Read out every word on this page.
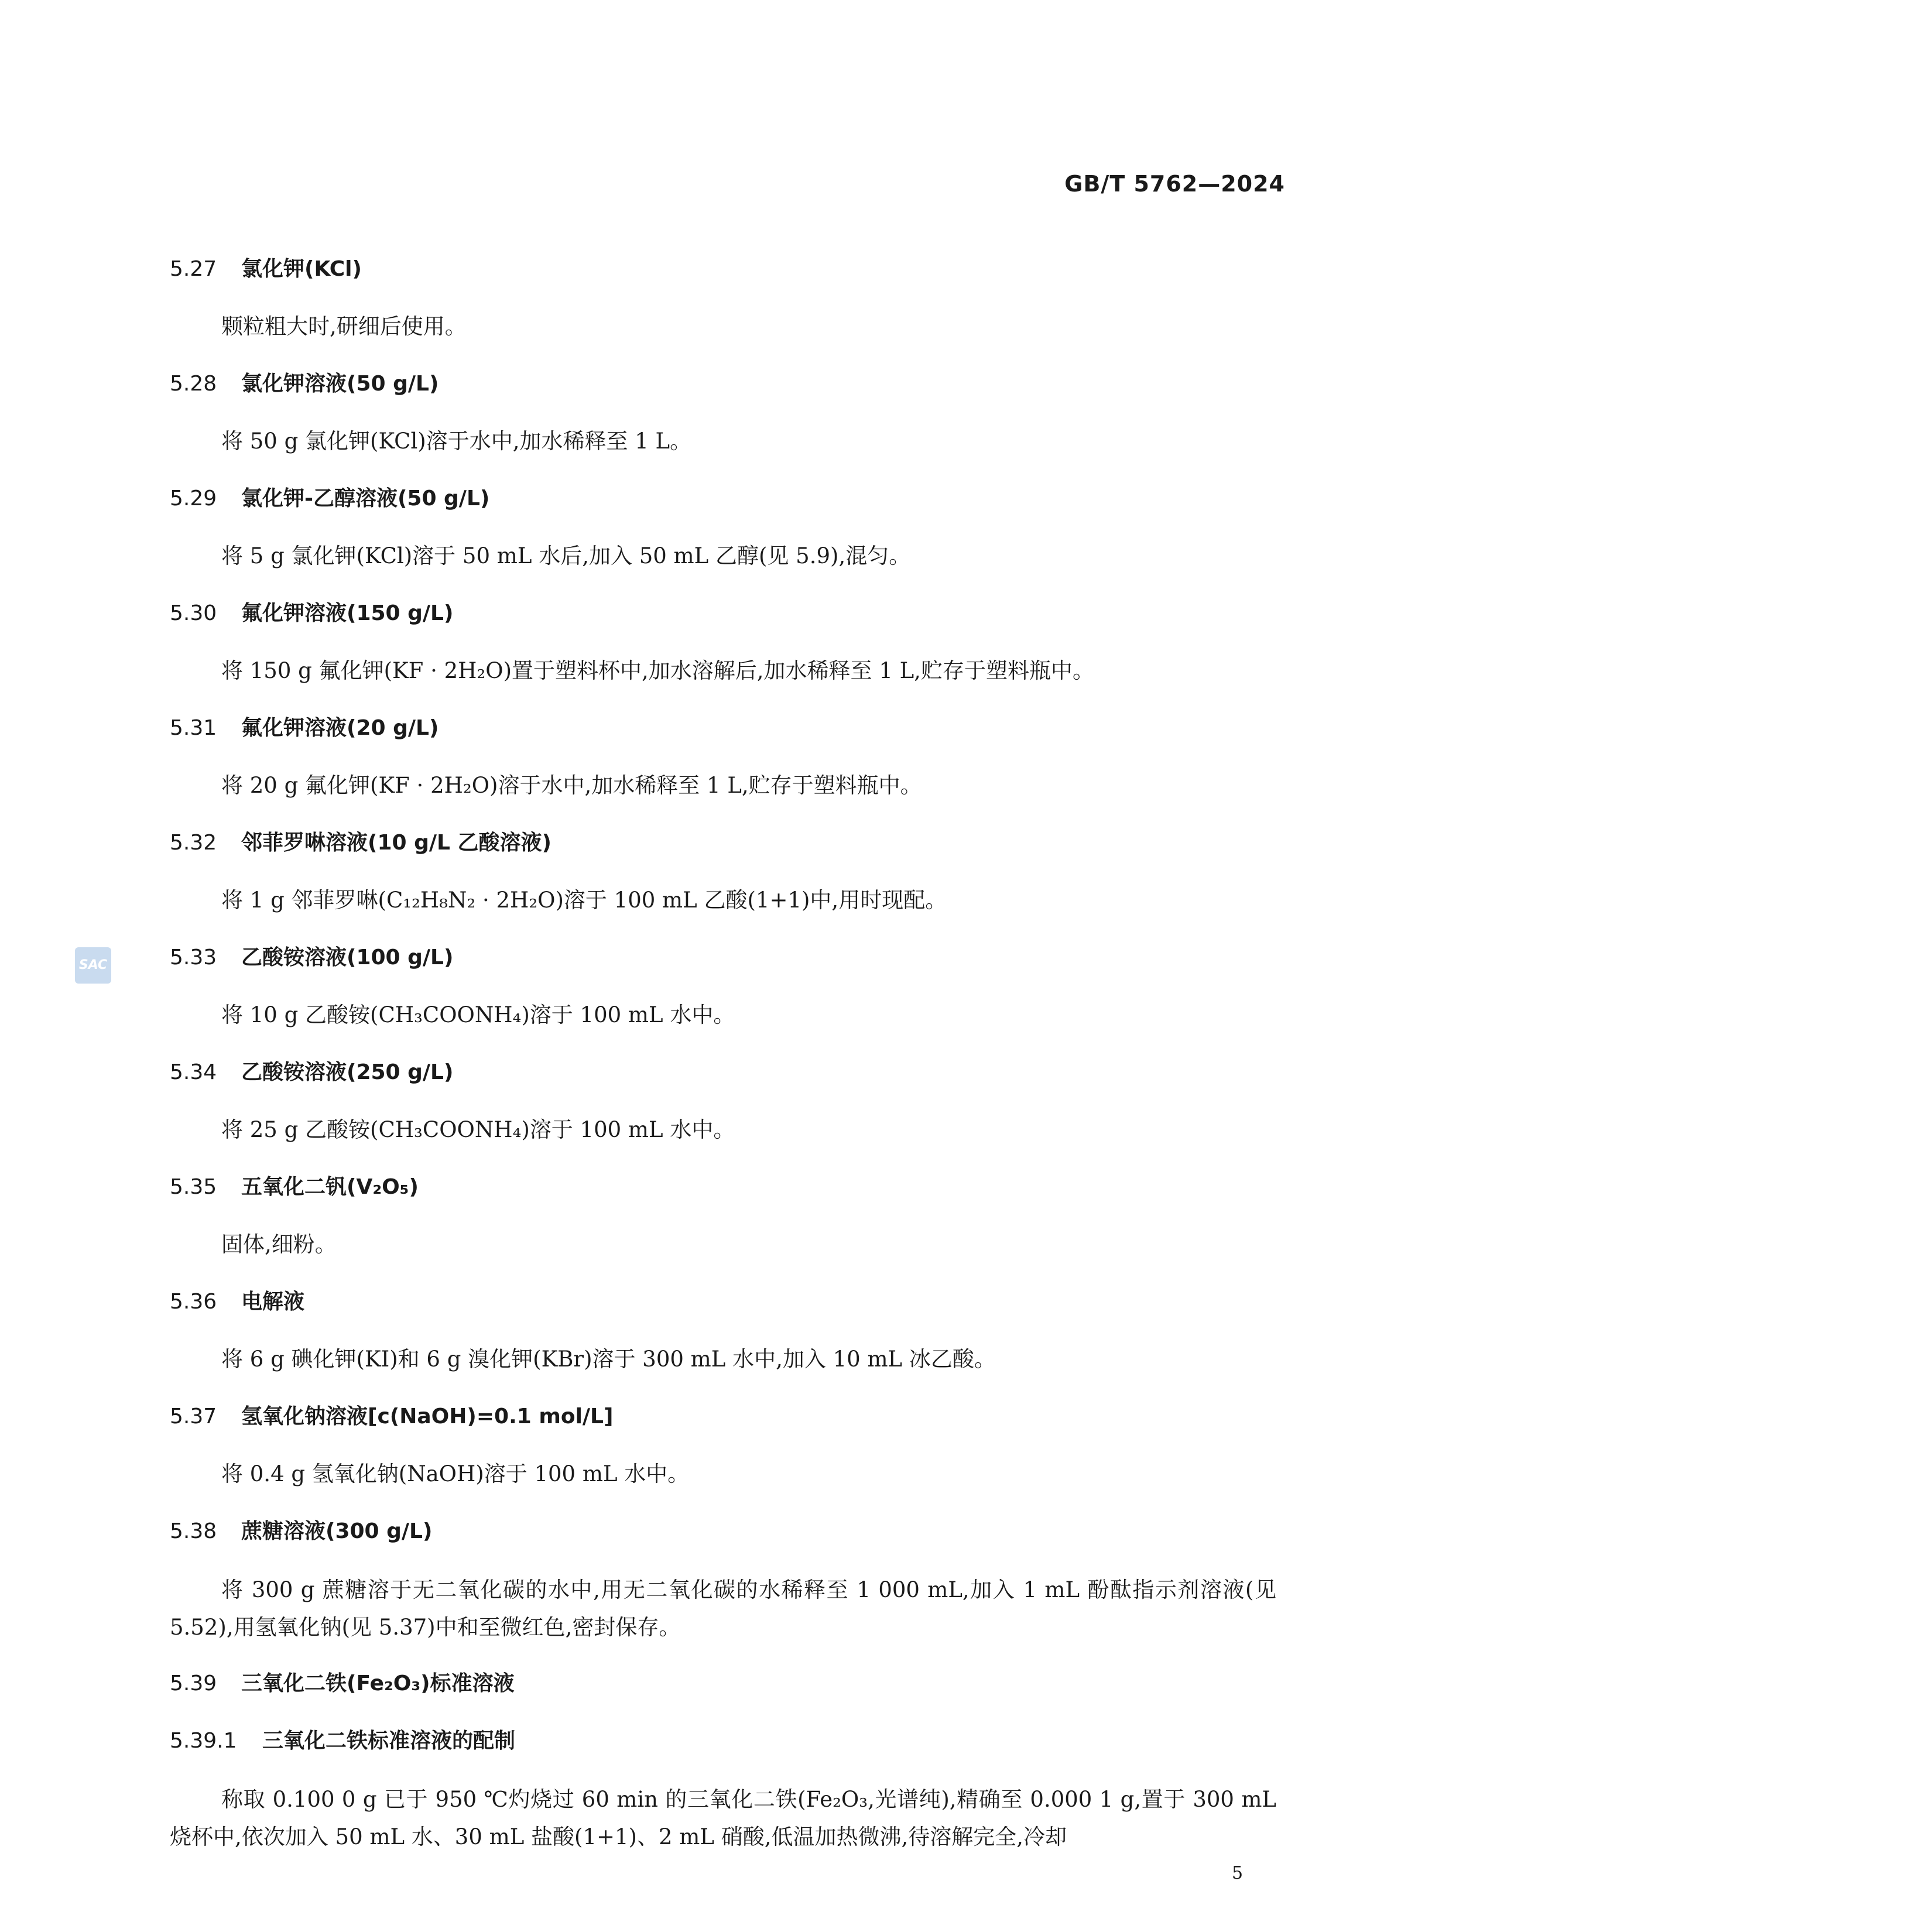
GB/T 5762—2024
SAC
5.27 氯化钾(KCl)
颗粒粗大时,研细后使用。
5.28 氯化钾溶液(50 g/L)
将 50 g 氯化钾(KCl)溶于水中,加水稀释至 1 L。
5.29 氯化钾-乙醇溶液(50 g/L)
将 5 g 氯化钾(KCl)溶于 50 mL 水后,加入 50 mL 乙醇(见 5.9),混匀。
5.30 氟化钾溶液(150 g/L)
将 150 g 氟化钾(KF · 2H₂O)置于塑料杯中,加水溶解后,加水稀释至 1 L,贮存于塑料瓶中。
5.31 氟化钾溶液(20 g/L)
将 20 g 氟化钾(KF · 2H₂O)溶于水中,加水稀释至 1 L,贮存于塑料瓶中。
5.32 邻菲罗啉溶液(10 g/L 乙酸溶液)
将 1 g 邻菲罗啉(C₁₂H₈N₂ · 2H₂O)溶于 100 mL 乙酸(1+1)中,用时现配。
5.33 乙酸铵溶液(100 g/L)
将 10 g 乙酸铵(CH₃COONH₄)溶于 100 mL 水中。
5.34 乙酸铵溶液(250 g/L)
将 25 g 乙酸铵(CH₃COONH₄)溶于 100 mL 水中。
5.35 五氧化二钒(V₂O₅)
固体,细粉。
5.36 电解液
将 6 g 碘化钾(KI)和 6 g 溴化钾(KBr)溶于 300 mL 水中,加入 10 mL 冰乙酸。
5.37 氢氧化钠溶液[c(NaOH)=0.1 mol/L]
将 0.4 g 氢氧化钠(NaOH)溶于 100 mL 水中。
5.38 蔗糖溶液(300 g/L)
将 300 g 蔗糖溶于无二氧化碳的水中,用无二氧化碳的水稀释至 1 000 mL,加入 1 mL 酚酞指示剂溶液(见 5.52),用氢氧化钠(见 5.37)中和至微红色,密封保存。
5.39 三氧化二铁(Fe₂O₃)标准溶液
5.39.1 三氧化二铁标准溶液的配制
称取 0.100 0 g 已于 950 ℃灼烧过 60 min 的三氧化二铁(Fe₂O₃,光谱纯),精确至 0.000 1 g,置于 300 mL 烧杯中,依次加入 50 mL 水、30 mL 盐酸(1+1)、2 mL 硝酸,低温加热微沸,待溶解完全,冷却
5
